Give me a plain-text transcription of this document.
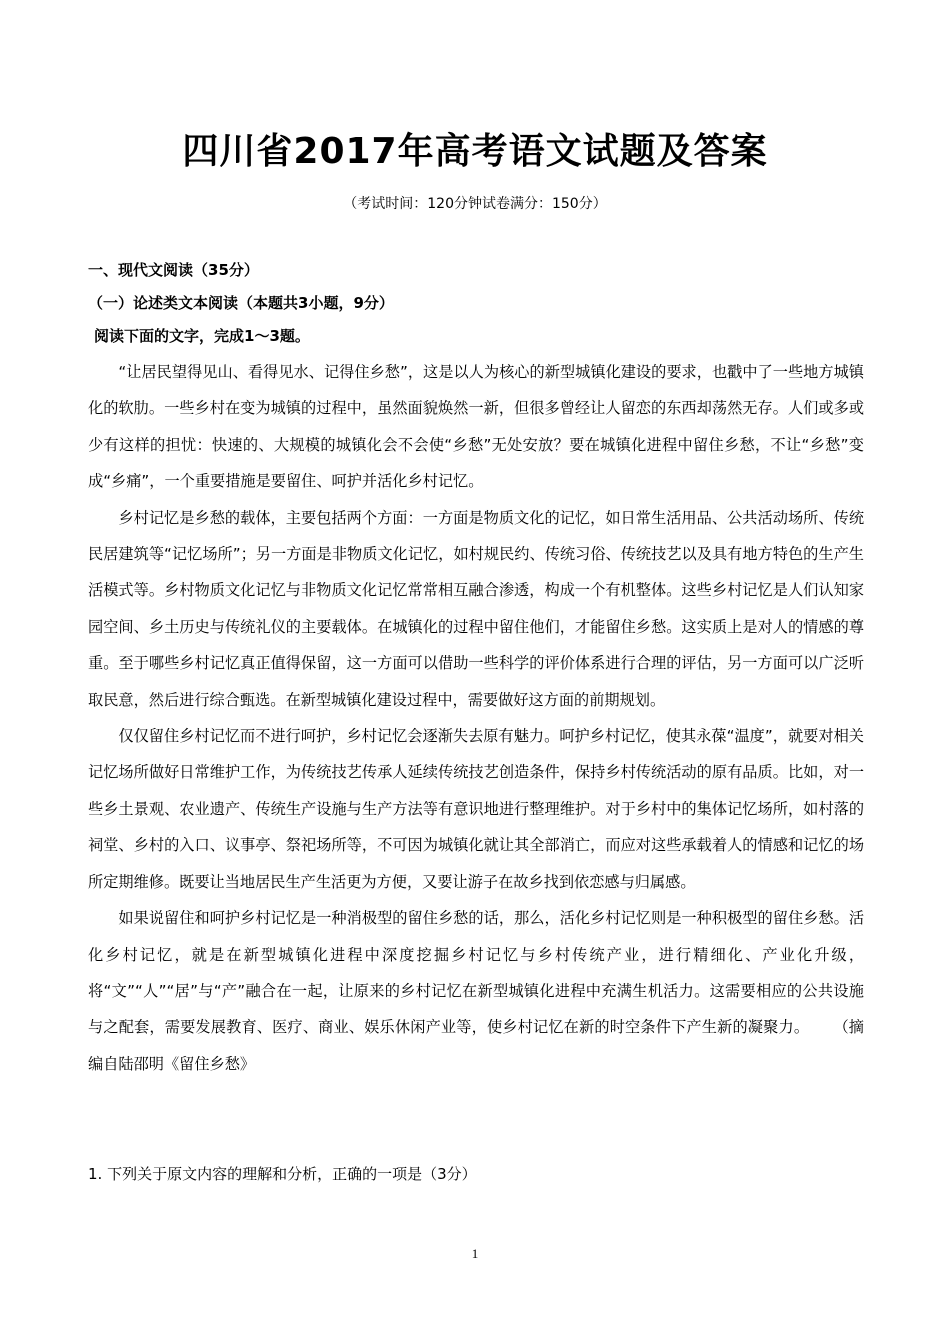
四川省2017年高考语文试题及答案
（考试时间：120分钟试卷满分：150分）
一、现代文阅读（35分）
（一）论述类文本阅读（本题共3小题，9分）
阅读下面的文字，完成1～3题。

“让居民望得见山、看得见水、记得住乡愁”，这是以人为核心的新型城镇化建设的要求，也戳中了一些地方城镇化的软肋。一些乡村在变为城镇的过程中，虽然面貌焕然一新，但很多曾经让人留恋的东西却荡然无存。人们或多或少有这样的担忧：快速的、大规模的城镇化会不会使“乡愁”无处安放？要在城镇化进程中留住乡愁，不让“乡愁”变成“乡痛”，一个重要措施是要留住、呵护并活化乡村记忆。

乡村记忆是乡愁的载体，主要包括两个方面：一方面是物质文化的记忆，如日常生活用品、公共活动场所、传统民居建筑等“记忆场所”；另一方面是非物质文化记忆，如村规民约、传统习俗、传统技艺以及具有地方特色的生产生活模式等。乡村物质文化记忆与非物质文化记忆常常相互融合渗透，构成一个有机整体。这些乡村记忆是人们认知家园空间、乡土历史与传统礼仪的主要载体。在城镇化的过程中留住他们，才能留住乡愁。这实质上是对人的情感的尊重。至于哪些乡村记忆真正值得保留，这一方面可以借助一些科学的评价体系进行合理的评估，另一方面可以广泛听取民意，然后进行综合甄选。在新型城镇化建设过程中，需要做好这方面的前期规划。

仅仅留住乡村记忆而不进行呵护，乡村记忆会逐渐失去原有魅力。呵护乡村记忆，使其永葆“温度”，就要对相关记忆场所做好日常维护工作，为传统技艺传承人延续传统技艺创造条件，保持乡村传统活动的原有品质。比如，对一些乡土景观、农业遗产、传统生产设施与生产方法等有意识地进行整理维护。对于乡村中的集体记忆场所，如村落的祠堂、乡村的入口、议事亭、祭祀场所等，不可因为城镇化就让其全部消亡，而应对这些承载着人的情感和记忆的场所定期维修。既要让当地居民生产生活更为方便，又要让游子在故乡找到依恋感与归属感。

如果说留住和呵护乡村记忆是一种消极型的留住乡愁的话，那么，活化乡村记忆则是一种积极型的留住乡愁。活化乡村记忆，就是在新型城镇化进程中深度挖掘乡村记忆与乡村传统产业，进行精细化、产业化升级，将“文”“人”“居”与“产”融合在一起，让原来的乡村记忆在新型城镇化进程中充满生机活力。这需要相应的公共设施与之配套，需要发展教育、医疗、商业、娱乐休闲产业等，使乡村记忆在新的时空条件下产生新的凝聚力。 （摘编自陆邵明《留住乡愁》

1. 下列关于原文内容的理解和分析，正确的一项是（3分）
1
